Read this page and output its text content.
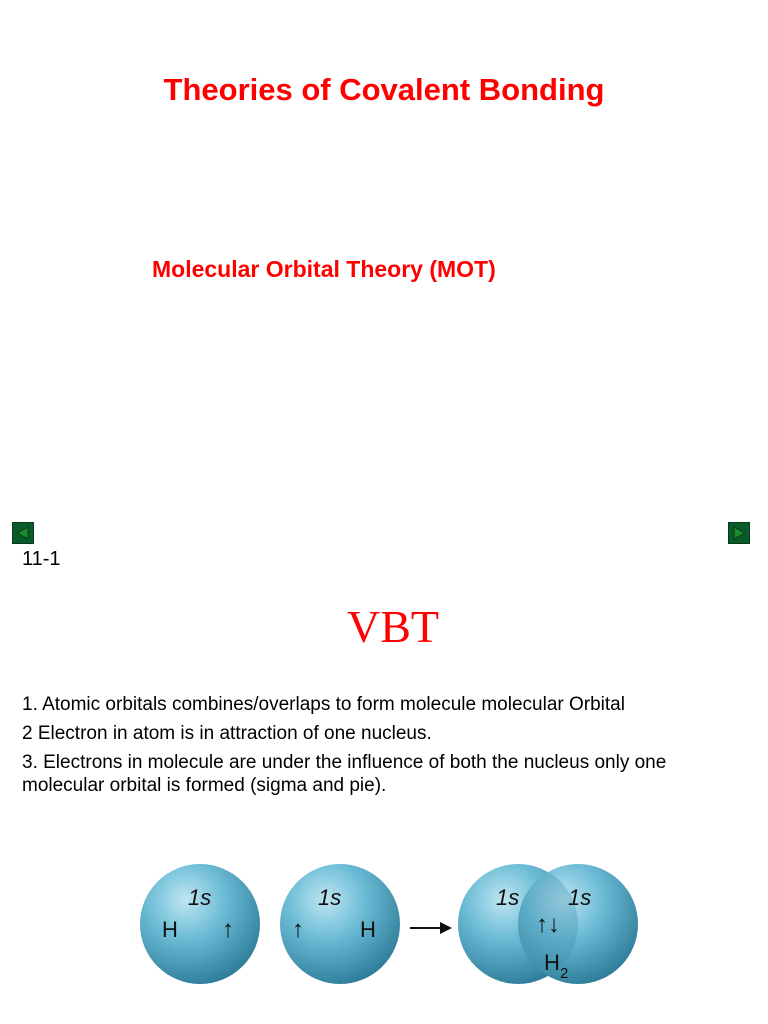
Theories of Covalent Bonding
Molecular Orbital Theory (MOT)
11-1
VBT

1. Atomic orbitals combines/overlaps to form molecule molecular Orbital

2 Electron in atom is in attraction of one nucleus.

3. Electrons in molecule are under the influence of both the nucleus only one molecular orbital is formed (sigma and pie).

1s
H ↑
1s
↑	H
1s 1s
↑↓
H 2
